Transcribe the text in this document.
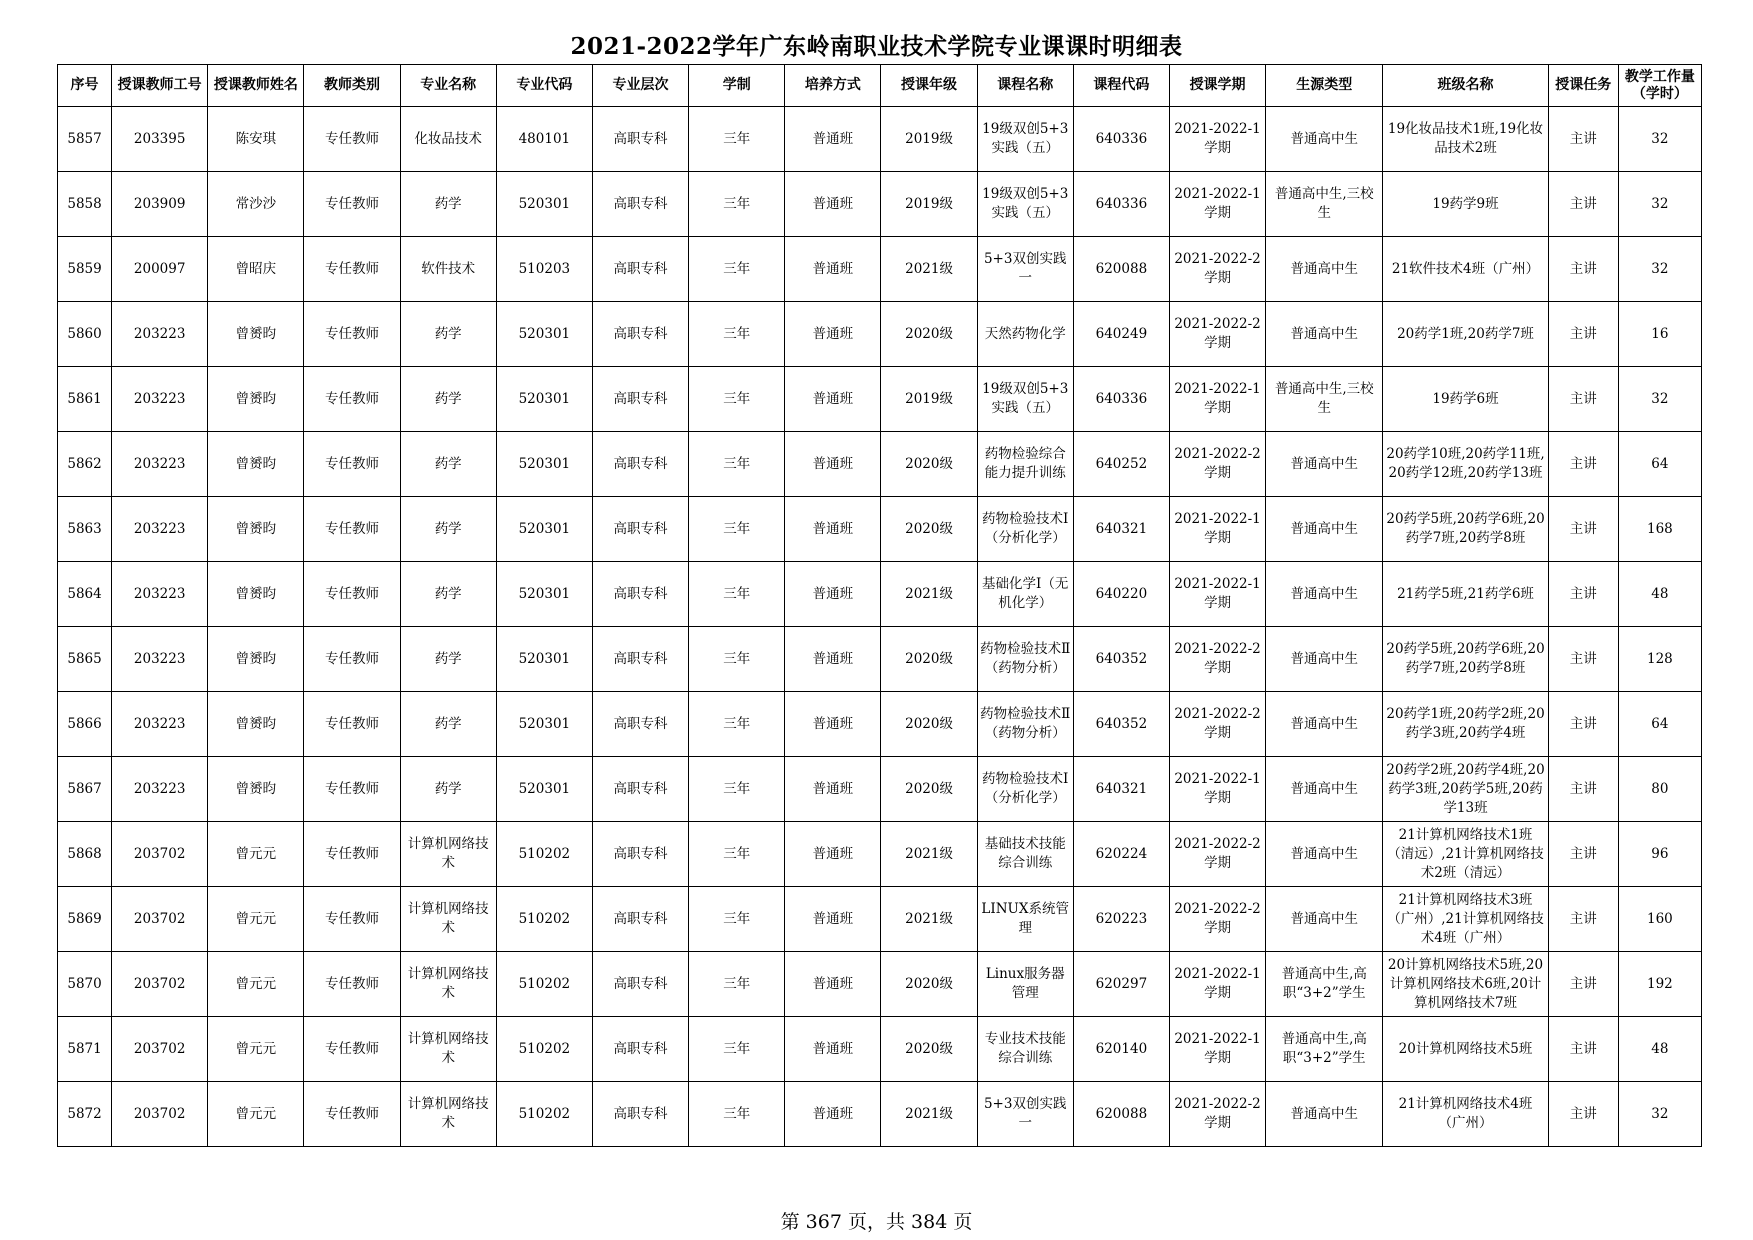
2021-2022学年广东岭南职业技术学院专业课课时明细表
序号	授课教师工号	授课教师姓名	教师类别	专业名称	专业代码	专业层次	学制	培养方式	授课年级	课程名称	课程代码	授课学期	生源类型	班级名称	授课任务	教学工作量（学时）

5857	203395	陈安琪	专任教师	化妆品技术	480101	高职专科	三年	普通班	2019级	19级双创5+3实践（五）	640336	2021-2022-1学期	普通高中生	19化妆品技术1班,19化妆品技术2班	主讲	32

5858	203909	常沙沙	专任教师	药学	520301	高职专科	三年	普通班	2019级	19级双创5+3实践（五）	640336	2021-2022-1学期	普通高中生,三校生	19药学9班	主讲	32

5859	200097	曾昭庆	专任教师	软件技术	510203	高职专科	三年	普通班	2021级	5+3双创实践一	620088	2021-2022-2学期	普通高中生	21软件技术4班（广州）	主讲	32

5860	203223	曾赟昀	专任教师	药学	520301	高职专科	三年	普通班	2020级	天然药物化学	640249	2021-2022-2学期	普通高中生	20药学1班,20药学7班	主讲	16

5861	203223	曾赟昀	专任教师	药学	520301	高职专科	三年	普通班	2019级	19级双创5+3实践（五）	640336	2021-2022-1学期	普通高中生,三校生	19药学6班	主讲	32

5862	203223	曾赟昀	专任教师	药学	520301	高职专科	三年	普通班	2020级	药物检验综合能力提升训练	640252	2021-2022-2学期	普通高中生	20药学10班,20药学11班,20药学12班,20药学13班	主讲	64

5863	203223	曾赟昀	专任教师	药学	520301	高职专科	三年	普通班	2020级	药物检验技术Ⅰ（分析化学）	640321	2021-2022-1学期	普通高中生	20药学5班,20药学6班,20药学7班,20药学8班	主讲	168

5864	203223	曾赟昀	专任教师	药学	520301	高职专科	三年	普通班	2021级	基础化学Ⅰ（无机化学）	640220	2021-2022-1学期	普通高中生	21药学5班,21药学6班	主讲	48

5865	203223	曾赟昀	专任教师	药学	520301	高职专科	三年	普通班	2020级	药物检验技术Ⅱ（药物分析）	640352	2021-2022-2学期	普通高中生	20药学5班,20药学6班,20药学7班,20药学8班	主讲	128

5866	203223	曾赟昀	专任教师	药学	520301	高职专科	三年	普通班	2020级	药物检验技术Ⅱ（药物分析）	640352	2021-2022-2学期	普通高中生	20药学1班,20药学2班,20药学3班,20药学4班	主讲	64

5867	203223	曾赟昀	专任教师	药学	520301	高职专科	三年	普通班	2020级	药物检验技术Ⅰ（分析化学）	640321	2021-2022-1学期	普通高中生	20药学2班,20药学4班,20药学3班,20药学5班,20药学13班	主讲	80

5868	203702	曾元元	专任教师	计算机网络技术	510202	高职专科	三年	普通班	2021级	基础技术技能综合训练	620224	2021-2022-2学期	普通高中生	21计算机网络技术1班（清远）,21计算机网络技术2班（清远）	主讲	96

5869	203702	曾元元	专任教师	计算机网络技术	510202	高职专科	三年	普通班	2021级	LINUX系统管理	620223	2021-2022-2学期	普通高中生	21计算机网络技术3班（广州）,21计算机网络技术4班（广州）	主讲	160

5870	203702	曾元元	专任教师	计算机网络技术	510202	高职专科	三年	普通班	2020级	Linux服务器管理	620297	2021-2022-1学期	普通高中生,高职“3+2”学生	20计算机网络技术5班,20计算机网络技术6班,20计算机网络技术7班	主讲	192

5871	203702	曾元元	专任教师	计算机网络技术	510202	高职专科	三年	普通班	2020级	专业技术技能综合训练	620140	2021-2022-1学期	普通高中生,高职“3+2”学生	20计算机网络技术5班	主讲	48

5872	203702	曾元元	专任教师	计算机网络技术	510202	高职专科	三年	普通班	2021级	5+3双创实践一	620088	2021-2022-2学期	普通高中生	21计算机网络技术4班（广州）	主讲	32
第 367 页，共 384 页
